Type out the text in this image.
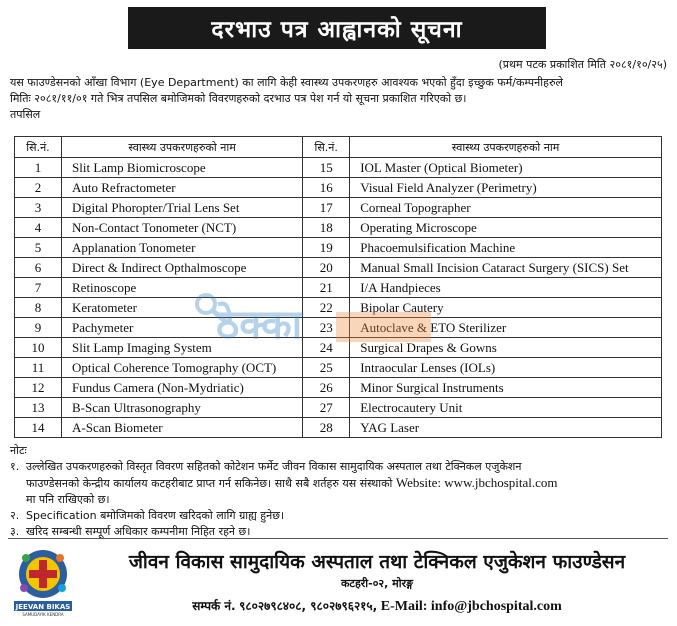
दरभाउ पत्र आह्वानको सूचना
(प्रथम पटक प्रकाशित मिति २०८१/१०/२५)
यस फाउण्डेसनको आँखा विभाग (Eye Department) का लागि केही स्वास्थ्य उपकरणहरु आवश्यक भएको हुँदा इच्छुक फर्म/कम्पनीहरुले
मितिः २०८१/११/०१ गते भित्र तपसिल बमोजिमको विवरणहरुको दरभाउ पत्र पेश गर्न यो सूचना प्रकाशित गरिएको छ।
तपसिल
सि.नं.	स्वास्थ्य उपकरणहरुको नाम	सि.नं.	स्वास्थ्य उपकरणहरुको नाम
1	Slit Lamp Biomicroscope	15	IOL Master (Optical Biometer)
2	Auto Refractometer	16	Visual Field Analyzer (Perimetry)
3	Digital Phoropter/Trial Lens Set	17	Corneal Topographer
4	Non-Contact Tonometer (NCT)	18	Operating Microscope
5	Applanation Tonometer	19	Phacoemulsification Machine
6	Direct & Indirect Opthalmoscope	20	Manual Small Incision Cataract Surgery (SICS) Set
7	Retinoscope	21	I/A Handpieces
8	Keratometer	22	Bipolar Cautery
9	Pachymeter	23	Autoclave & ETO Sterilizer
10	Slit Lamp Imaging System	24	Surgical Drapes & Gowns
11	Optical Coherence Tomography (OCT)	25	Intraocular Lenses (IOLs)
12	Fundus Camera (Non-Mydriatic)	26	Minor Surgical Instruments
13	B-Scan Ultrasonography	27	Electrocautery Unit
14	A-Scan Biometer	28	YAG Laser
ठेक्का
नोटः
१. उल्लेखित उपकरणहरुको विस्तृत विवरण सहितको कोटेशन फर्मेट जीवन विकास सामुदायिक अस्पताल तथा टेक्निकल एजुकेशन
फाउण्डेसनको केन्द्रीय कार्यालय कटहरीबाट प्राप्त गर्न सकिनेछ। साथै सबै शर्तहरु यस संस्थाको Website: www.jbchospital.com
मा पनि राखिएको छ।
२. Specification बमोजिमको विवरण खरिदको लागि ग्राह्य हुनेछ।
३. खरिद सम्बन्धी सम्पूर्ण अधिकार कम्पनीमा निहित रहने छ।
JEEVAN BIKAS
SAMUDAYIK KENDRA
जीवन विकास सामुदायिक अस्पताल तथा टेक्निकल एजुकेशन फाउण्डेसन
कटहरी-०२, मोरङ्ग
सम्पर्क नं. ९८०२७९८४०८, ९८०२७९६२१५, E-Mail: info@jbchospital.com
